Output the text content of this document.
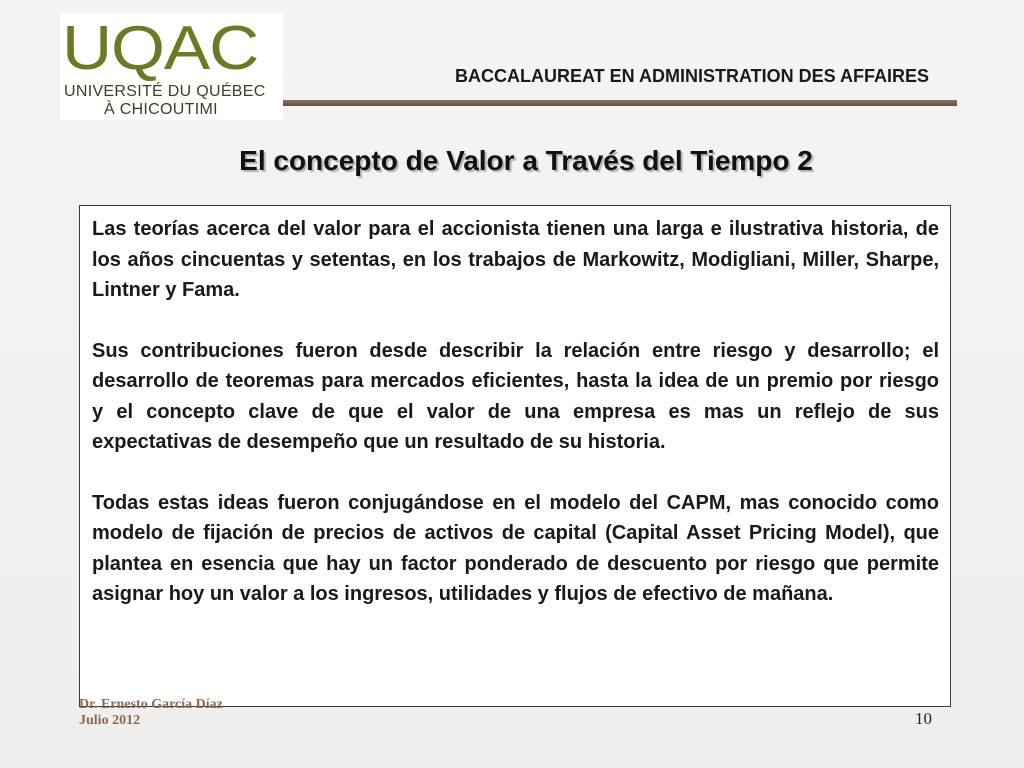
UQAC
UNIVERSITÉ DU QUÉBEC
À CHICOUTIMI
BACCALAUREAT EN ADMINISTRATION DES AFFAIRES
El concepto de Valor a Través del Tiempo 2

Las teorías acerca del valor para el accionista tienen una larga e ilustrativa historia, de los años cincuentas y setentas, en los trabajos de Markowitz, Modigliani, Miller, Sharpe, Lintner y Fama.

Sus contribuciones fueron desde describir la relación entre riesgo y desarrollo; el desarrollo de teoremas para mercados eficientes, hasta la idea de un premio por riesgo y el concepto clave de que el valor de una empresa es mas un reflejo de sus expectativas de desempeño que un resultado de su historia.

Todas estas ideas fueron conjugándose en el modelo del CAPM, mas conocido como modelo de fijación de precios de activos de capital (Capital Asset Pricing Model), que plantea en esencia que hay un factor ponderado de descuento por riesgo que permite asignar hoy un valor a los ingresos, utilidades y flujos de efectivo de mañana.

Dr. Ernesto García Díaz
Julio 2012	10
